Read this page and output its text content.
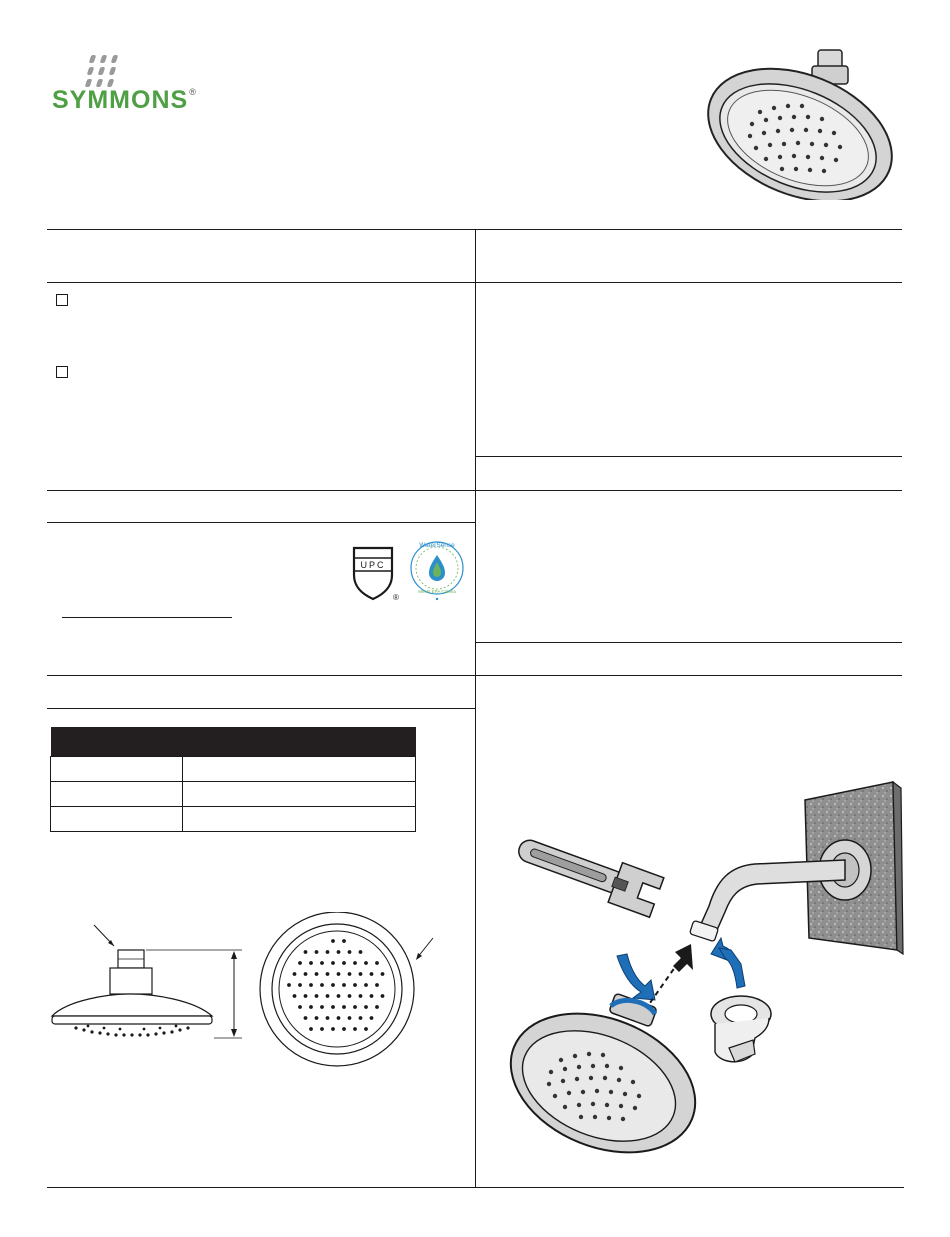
SYMMONS®
UPC
®
WaterSense
Meets EPA Criteria
